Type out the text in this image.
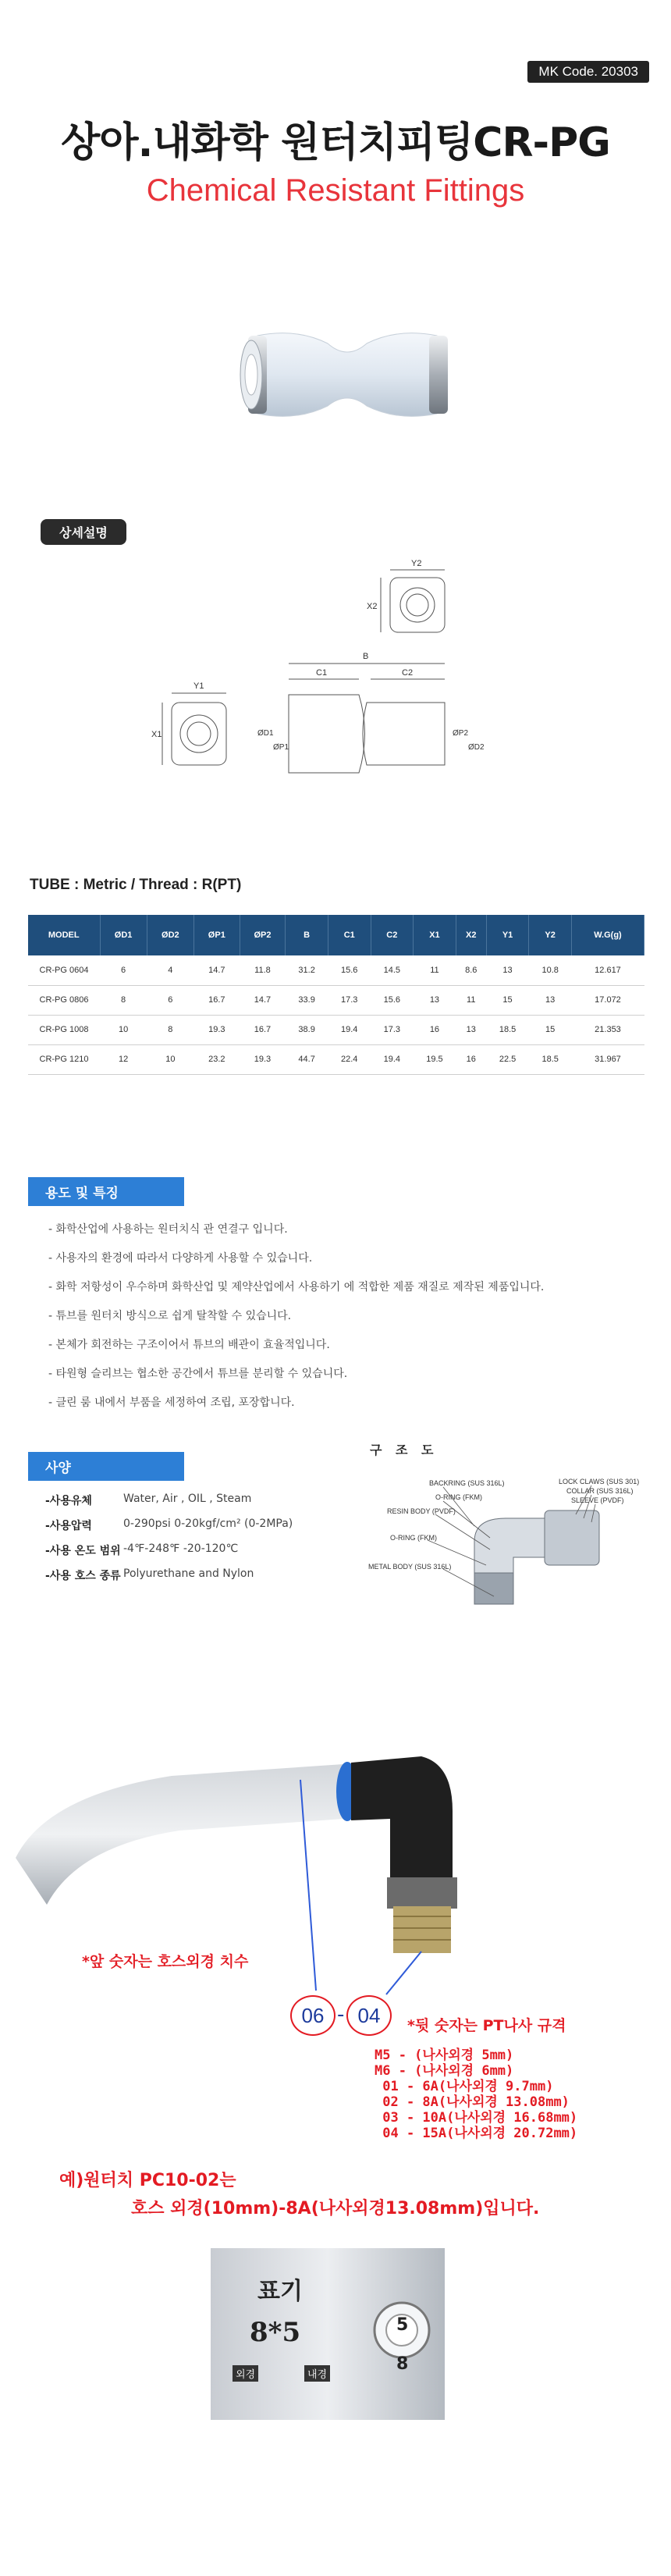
MK Code. 20303
상아.내화학 원터치피팅CR-PG
Chemical Resistant Fittings
상세설명
Y2
X2
B
Y1
C1	C2
X1	ØD1
ØP1
ØP2
ØD2
TUBE : Metric / Thread : R(PT)
MODEL	ØD1	ØD2	ØP1	ØP2	B	C1	C2	X1	X2	Y1	Y2	W.G(g)
CR-PG 0604	6	4	14.7	11.8	31.2	15.6	14.5	11	8.6	13	10.8	12.617
CR-PG 0806	8	6	16.7	14.7	33.9	17.3	15.6	13	11	15	13	17.072
CR-PG 1008	10	8	19.3	16.7	38.9	19.4	17.3	16	13	18.5	15	21.353
CR-PG 1210	12	10	23.2	19.3	44.7	22.4	19.4	19.5	16	22.5	18.5	31.967
용도 및 특징
- 화학산업에 사용하는 원터치식 관 연결구 입니다.
- 사용자의 환경에 따라서 다양하게 사용할 수 있습니다.
- 화학 저항성이 우수하며 화학산업 및 제약산업에서 사용하기 에 적합한 제품 재질로 제작된 제품입니다.
- 튜브를 원터치 방식으로 쉽게 탈착할 수 있습니다.
- 본체가 회전하는 구조이어서 튜브의 배관이 효율적입니다.
- 타원형 슬리브는 협소한 공간에서 튜브를 분리할 수 있습니다.
- 클린 룸 내에서 부품을 세정하여 조립, 포장합니다.
사양
-사용유체	Water, Air , OIL , Steam
-사용압력	0-290psi 0-20kgf/cm² (0-2MPa)
-사용 온도 범위 -4℉-248℉ -20-120℃
-사용 호스 종류 Polyurethane and Nylon
구 조 도
BACKRING (SUS 316L)
O-RING (FKM)
RESIN BODY (PVDF)
O-RING (FKM)
METAL BODY (SUS 316L)
LOCK CLAWS (SUS 301)
COLLAR (SUS 316L)
SLEEVE (PVDF)
*앞 숫자는 호스외경 치수
06 - 04	*뒷 숫자는 PT나사 규격
M5 - (나사외경 5mm)
M6 - (나사외경 6mm)
01 - 6A(나사외경 9.7mm)
02 - 8A(나사외경 13.08mm)
03 - 10A(나사외경 16.68mm)
04 - 15A(나사외경 20.72mm)
예)원터치 PC10-02는
호스 외경(10mm)-8A(나사외경13.08mm)입니다.
표기
8*5
외경	내경
5
8
